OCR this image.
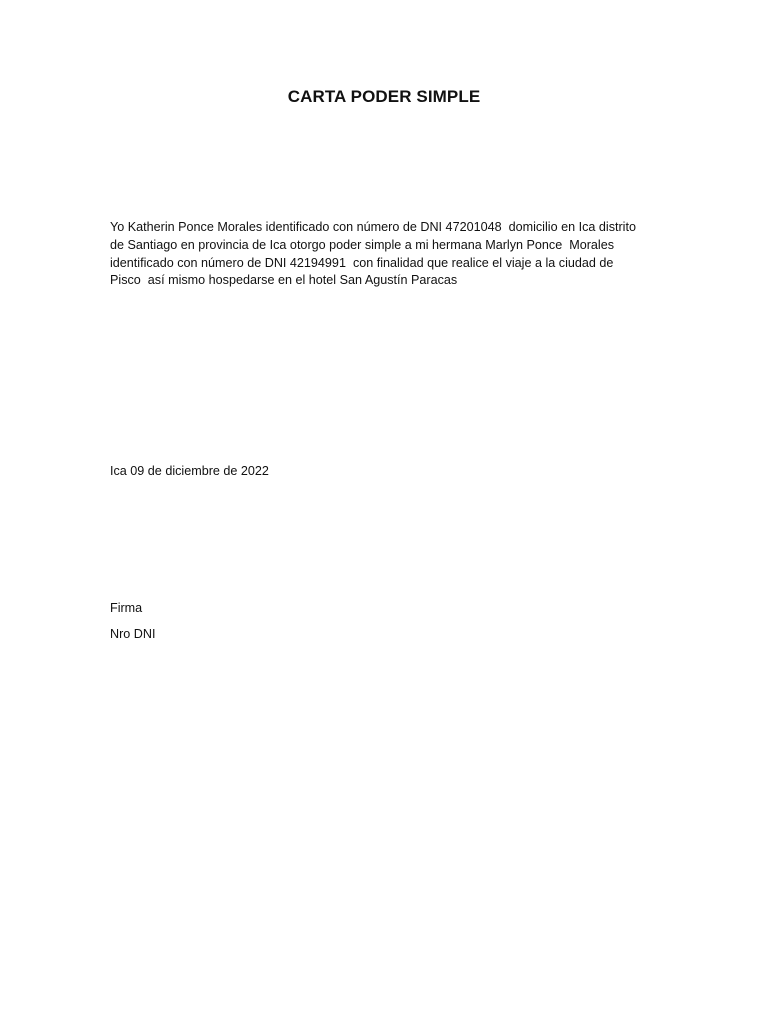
CARTA PODER SIMPLE
Yo Katherin Ponce Morales identificado con número de DNI 47201048  domicilio en Ica distrito
de Santiago en provincia de Ica otorgo poder simple a mi hermana Marlyn Ponce  Morales
identificado con número de DNI 42194991  con finalidad que realice el viaje a la ciudad de
Pisco  así mismo hospedarse en el hotel San Agustín Paracas
Ica 09 de diciembre de 2022
Firma
Nro DNI
